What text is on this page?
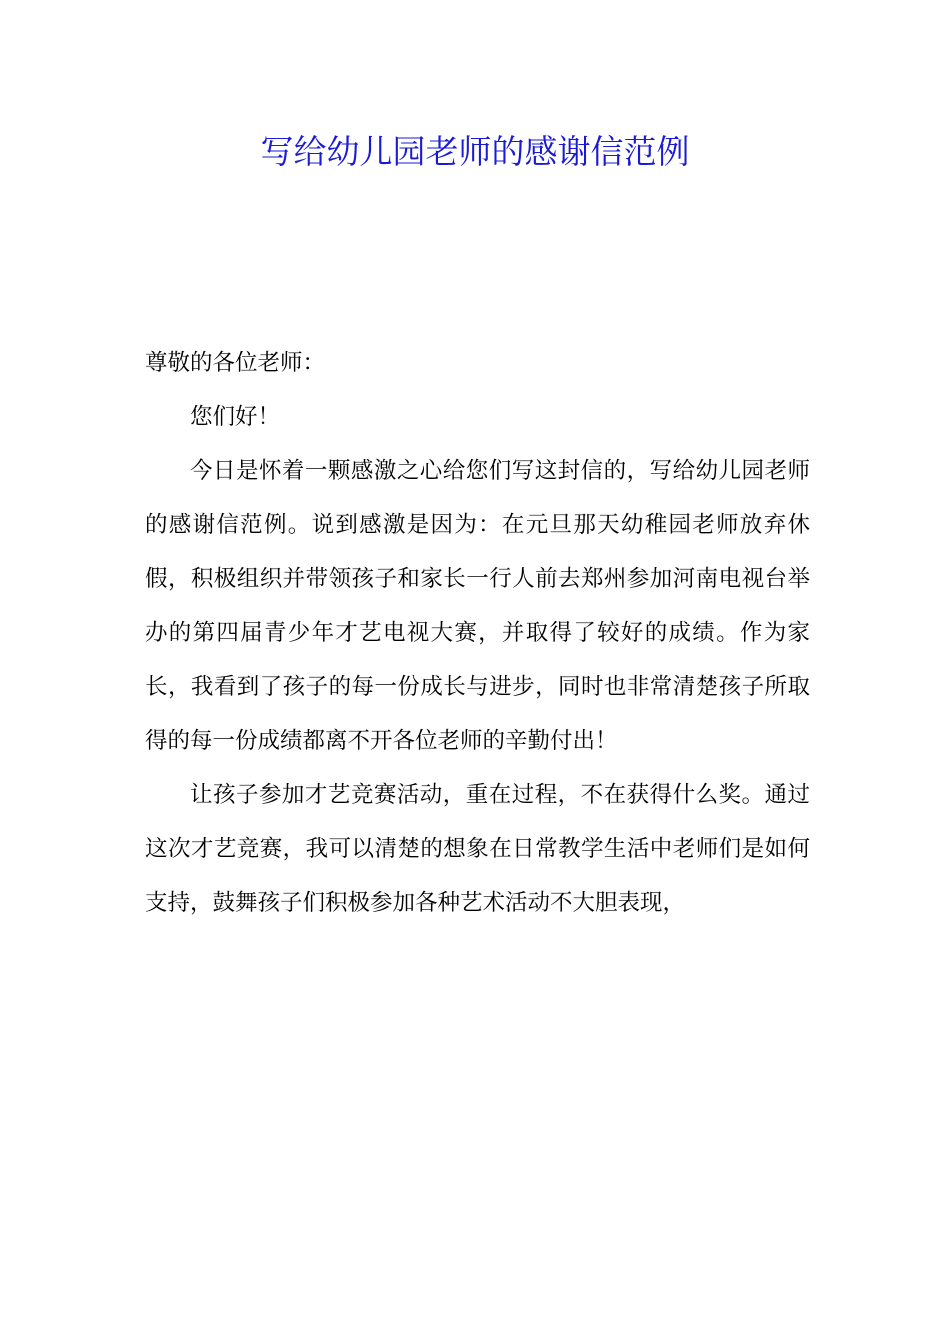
写给幼儿园老师的感谢信范例

尊敬的各位老师：

您们好！

今日是怀着一颗感激之心给您们写这封信的，写给幼儿园老师的感谢信范例。说到感激是因为：在元旦那天幼稚园老师放弃休假，积极组织并带领孩子和家长一行人前去郑州参加河南电视台举办的第四届青少年才艺电视大赛，并取得了较好的成绩。作为家长，我看到了孩子的每一份成长与进步，同时也非常清楚孩子所取得的每一份成绩都离不开各位老师的辛勤付出！

让孩子参加才艺竞赛活动，重在过程，不在获得什么奖。通过这次才艺竞赛，我可以清楚的想象在日常教学生活中老师们是如何支持，鼓舞孩子们积极参加各种艺术活动不大胆表现，
